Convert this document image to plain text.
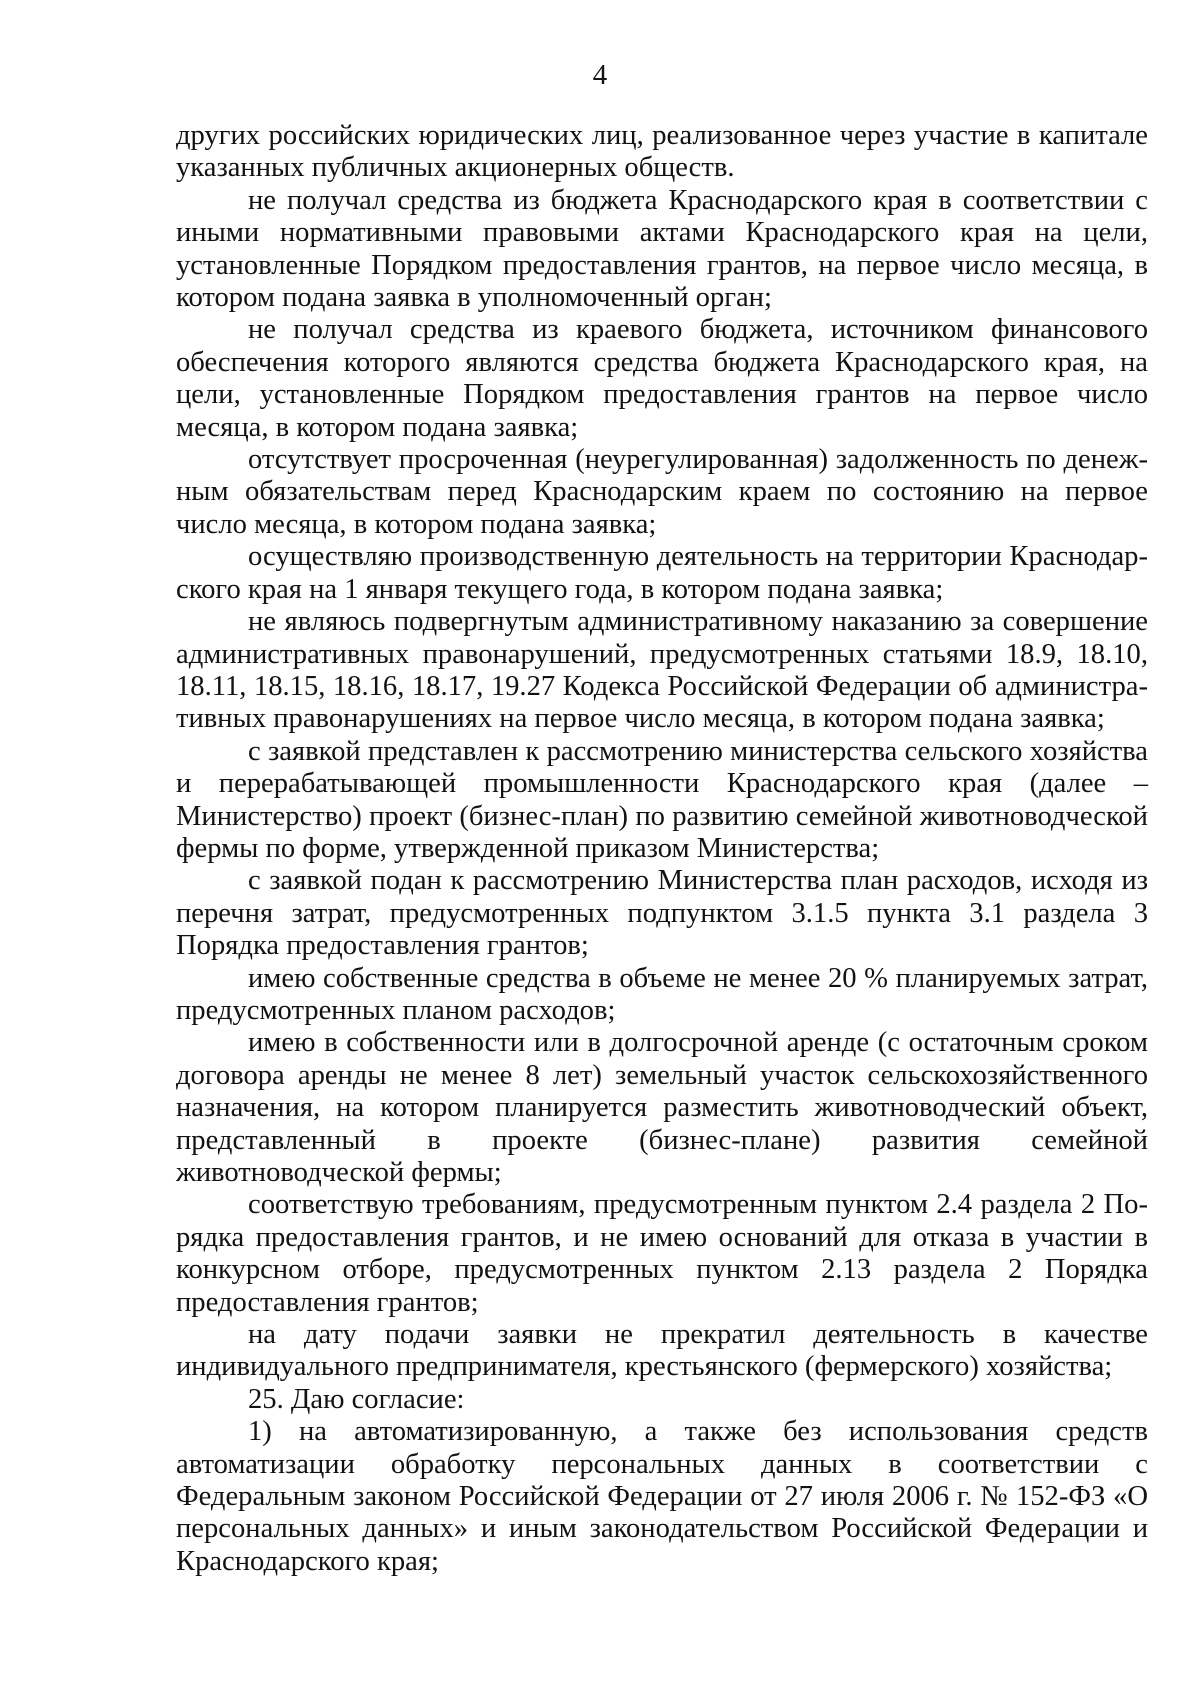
4

других российских юридических лиц, реализованное через участие в капитале указанных публичных акционерных обществ.

не получал средства из бюджета Краснодарского края в соответствии с иными нормативными правовыми актами Краснодарского края на цели, установленные Порядком предоставления грантов, на первое число месяца, в котором подана заявка в уполномоченный орган;

не получал средства из краевого бюджета, источником финансового обеспечения которого являются средства бюджета Краснодарского края, на цели, установленные Порядком предоставления грантов на первое число месяца, в котором подана заявка;

отсутствует просроченная (неурегулированная) задолженность по денежным обязательствам перед Краснодарским краем по состоянию на первое число месяца, в котором подана заявка;

осуществляю производственную деятельность на территории Краснодарского края на 1 января текущего года, в котором подана заявка;

не являюсь подвергнутым административному наказанию за совершение административных правонарушений, предусмотренных статьями 18.9, 18.10, 18.11, 18.15, 18.16, 18.17, 19.27 Кодекса Российской Федерации об административных правонарушениях на первое число месяца, в котором подана заявка;

с заявкой представлен к рассмотрению министерства сельского хозяйства и перерабатывающей промышленности Краснодарского края (далее – Министерство) проект (бизнес-план) по развитию семейной животноводческой фермы по форме, утвержденной приказом Министерства;

с заявкой подан к рассмотрению Министерства план расходов, исходя из перечня затрат, предусмотренных подпунктом 3.1.5 пункта 3.1 раздела 3 Порядка предоставления грантов;

имею собственные средства в объеме не менее 20 % планируемых затрат, предусмотренных планом расходов;

имею в собственности или в долгосрочной аренде (с остаточным сроком договора аренды не менее 8 лет) земельный участок сельскохозяйственного назначения, на котором планируется разместить животноводческий объект, представленный в проекте (бизнес-плане) развития семейной животноводческой фермы;

соответствую требованиям, предусмотренным пунктом 2.4 раздела 2 Порядка предоставления грантов, и не имею оснований для отказа в участии в конкурсном отборе, предусмотренных пунктом 2.13 раздела 2 Порядка предоставления грантов;

на дату подачи заявки не прекратил деятельность в качестве индивидуального предпринимателя, крестьянского (фермерского) хозяйства;

25. Даю согласие:

1) на автоматизированную, а также без использования средств автоматизации обработку персональных данных в соответствии с Федеральным законом Российской Федерации от 27 июля 2006 г. № 152-ФЗ «О персональных данных» и иным законодательством Российской Федерации и Краснодарского края;
